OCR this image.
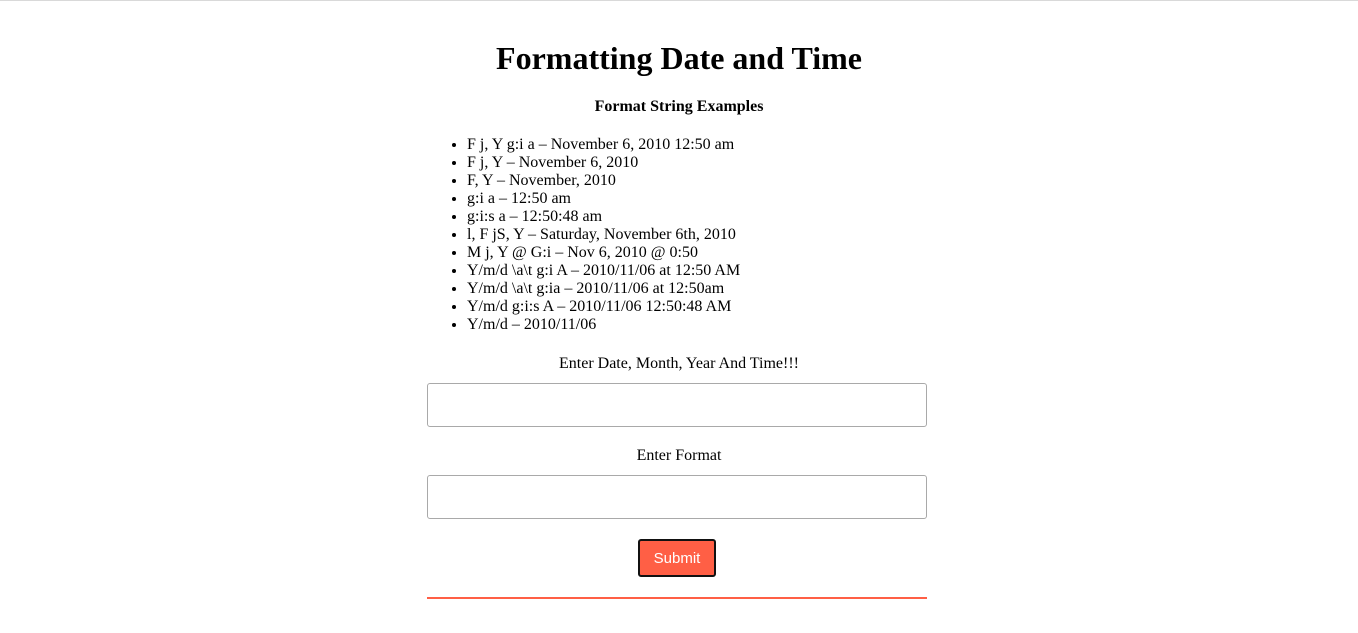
Formatting Date and Time
Format String Examples
• F j, Y g:i a – November 6, 2010 12:50 am
• F j, Y – November 6, 2010
• F, Y – November, 2010
• g:i a – 12:50 am
• g:i:s a – 12:50:48 am
• l, F jS, Y – Saturday, November 6th, 2010
• M j, Y @ G:i – Nov 6, 2010 @ 0:50
• Y/m/d \a\t g:i A – 2010/11/06 at 12:50 AM
• Y/m/d \a\t g:ia – 2010/11/06 at 12:50am
• Y/m/d g:i:s A – 2010/11/06 12:50:48 AM
• Y/m/d – 2010/11/06
Enter Date, Month, Year And Time!!!
Enter Format
Submit
